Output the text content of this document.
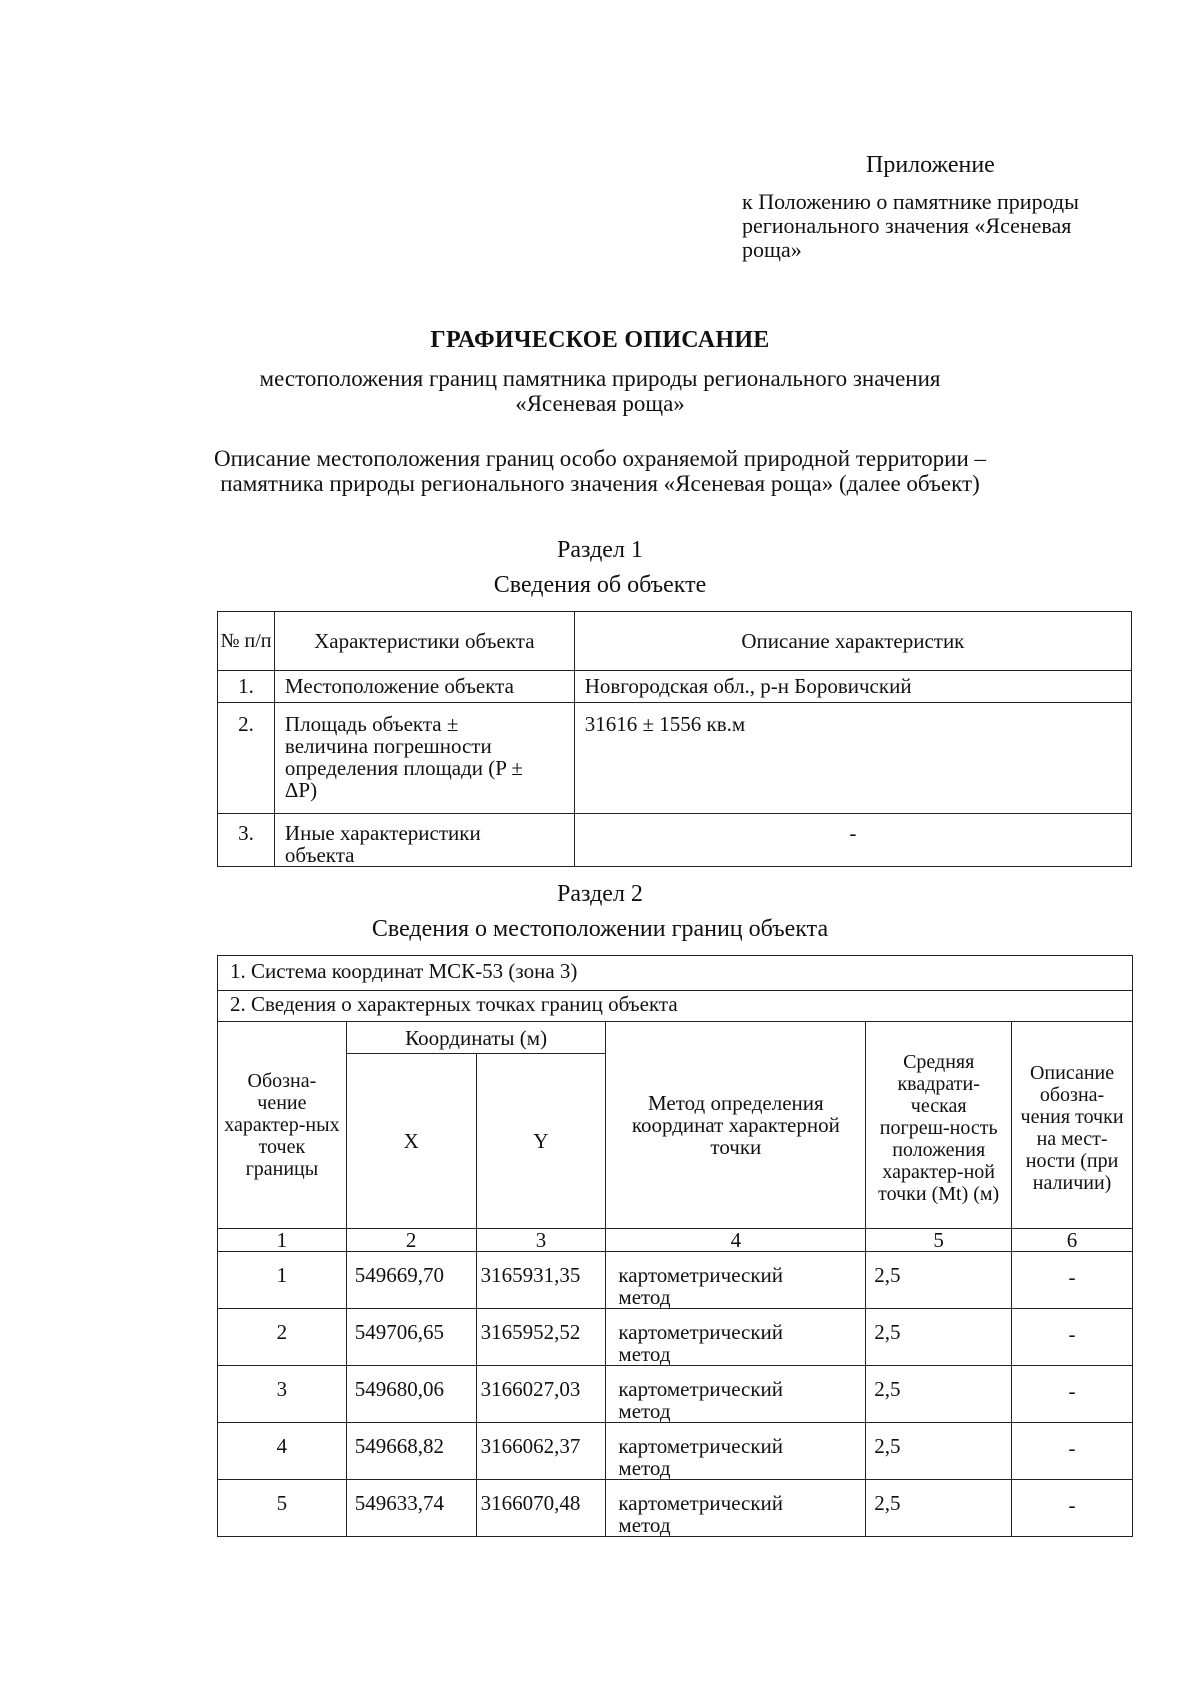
Приложение
к Положению о памятнике природы
регионального значения «Ясеневая
роща»
ГРАФИЧЕСКОЕ ОПИСАНИЕ
местоположения границ памятника природы регионального значения
«Ясеневая роща»
Описание местоположения границ особо охраняемой природной территории –
памятника природы регионального значения «Ясеневая роща» (далее объект)
Раздел 1
Сведения об объекте
№ п/п	Характеристики объекта	Описание характеристик
1.	Местоположение объекта	Новгородская обл., р-н Боровичский
2.	Площадь объекта ± величина погрешности определения площади (P ± ΔP)	31616 ± 1556 кв.м
3.	Иные характеристики объекта	-
Раздел 2
Сведения о местоположении границ объекта
1. Система координат МСК-53 (зона 3)					
2. Сведения о характерных точках границ объекта					
Обозна-чение характер-ных точек границы	Координаты (м)		Метод определения координат характерной точки	Средняя квадрати-ческая погреш-ность положения характер-ной точки (Mt) (м)	Описание обозна-чения точки на мест-ности (при наличии)
	X	Y			
1	2	3	4	5	6
1	549669,70	3165931,35	картометрический метод	2,5	-
2	549706,65	3165952,52	картометрический метод	2,5	-
3	549680,06	3166027,03	картометрический метод	2,5	-
4	549668,82	3166062,37	картометрический метод	2,5	-
5	549633,74	3166070,48	картометрический метод	2,5	-
